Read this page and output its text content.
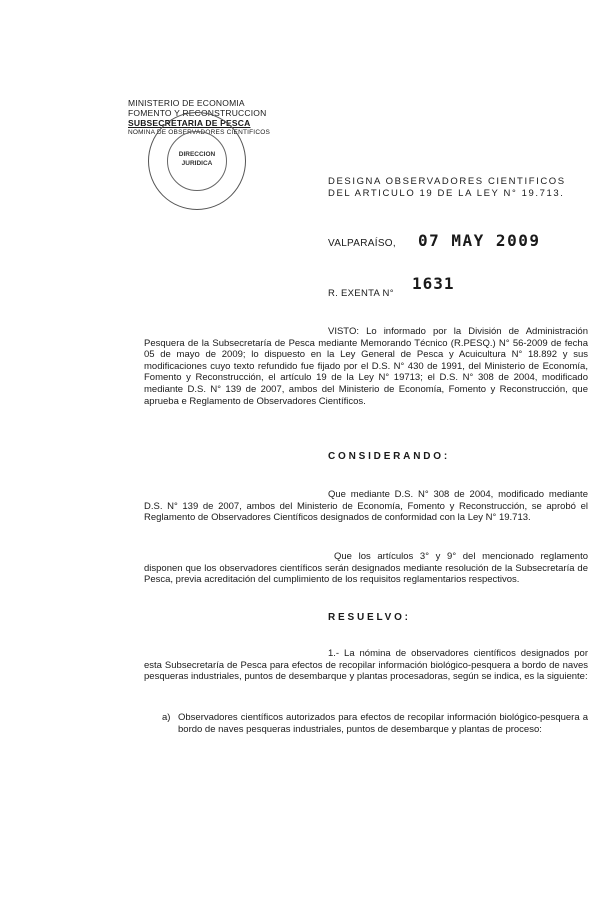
MINISTERIO DE ECONOMIA
FOMENTO Y RECONSTRUCCION
SUBSECRETARIA DE PESCA
NOMINA DE OBSERVADORES CIENTIFICOS
DIRECCION
JURIDICA
DESIGNA OBSERVADORES CIENTIFICOS
DEL ARTICULO 19 DE LA LEY N° 19.713.
VALPARAÍSO, 07 MAY 2009
R. EXENTA N°
1631
VISTO: Lo informado por la División de Administración Pesquera de la Subsecretaría de Pesca mediante Memorando Técnico (R.PESQ.) N° 56-2009 de fecha 05 de mayo de 2009; lo dispuesto en la Ley General de Pesca y Acuicultura N° 18.892 y sus modificaciones cuyo texto refundido fue fijado por el D.S. N° 430 de 1991, del Ministerio de Economía, Fomento y Reconstrucción, el artículo 19 de la Ley N° 19713; el D.S. N° 308 de 2004, modificado mediante D.S. N° 139 de 2007, ambos del Ministerio de Economía, Fomento y Reconstrucción, que aprueba e Reglamento de Observadores Científicos.
CONSIDERANDO:
Que mediante D.S. N° 308 de 2004, modificado mediante D.S. N° 139 de 2007, ambos del Ministerio de Economía, Fomento y Reconstrucción, se aprobó el Reglamento de Observadores Científicos designados de conformidad con la Ley N° 19.713.
Que los artículos 3° y 9° del mencionado reglamento disponen que los observadores científicos serán designados mediante resolución de la Subsecretaría de Pesca, previa acreditación del cumplimiento de los requisitos reglamentarios respectivos.
RESUELVO:
1.- La nómina de observadores científicos designados por esta Subsecretaría de Pesca para efectos de recopilar información biológico-pesquera a bordo de naves pesqueras industriales, puntos de desembarque y plantas procesadoras, según se indica, es la siguiente:
a) Observadores científicos autorizados para efectos de recopilar información biológico-pesquera a bordo de naves pesqueras industriales, puntos de desembarque y plantas de proceso:
